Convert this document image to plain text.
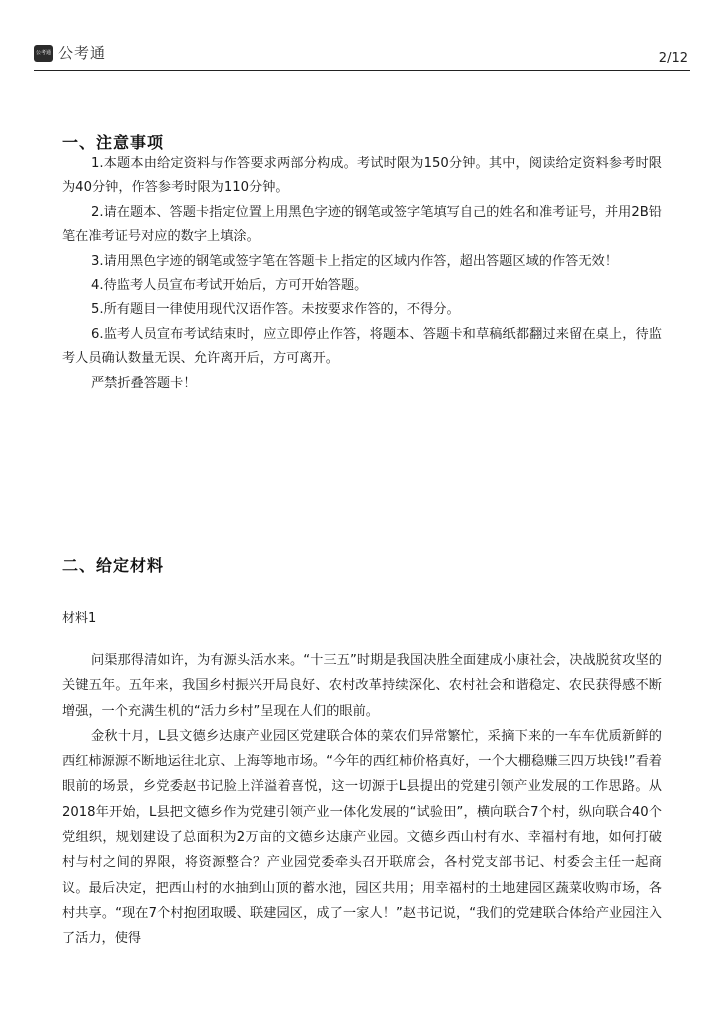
公考通 公考通	2/12
一、注意事项

1.本题本由给定资料与作答要求两部分构成。考试时限为150分钟。其中，阅读给定资料参考时限为40分钟，作答参考时限为110分钟。

2.请在题本、答题卡指定位置上用黑色字迹的钢笔或签字笔填写自己的姓名和准考证号，并用2B铅笔在准考证号对应的数字上填涂。

3.请用黑色字迹的钢笔或签字笔在答题卡上指定的区域内作答，超出答题区域的作答无效！

4.待监考人员宣布考试开始后，方可开始答题。

5.所有题目一律使用现代汉语作答。未按要求作答的，不得分。

6.监考人员宣布考试结束时，应立即停止作答，将题本、答题卡和草稿纸都翻过来留在桌上，待监考人员确认数量无误、允许离开后，方可离开。

严禁折叠答题卡！

二、给定材料
材料1

问渠那得清如许，为有源头活水来。“十三五”时期是我国决胜全面建成小康社会，决战脱贫攻坚的关键五年。五年来，我国乡村振兴开局良好、农村改革持续深化、农村社会和谐稳定、农民获得感不断增强，一个充满生机的“活力乡村”呈现在人们的眼前。

金秋十月，L县文德乡达康产业园区党建联合体的菜农们异常繁忙，采摘下来的一车车优质新鲜的西红柿源源不断地运往北京、上海等地市场。“今年的西红柿价格真好，一个大棚稳赚三四万块钱!”看着眼前的场景，乡党委赵书记脸上洋溢着喜悦，这一切源于L县提出的党建引领产业发展的工作思路。从2018年开始，L县把文德乡作为党建引领产业一体化发展的“试验田”，横向联合7个村，纵向联合40个党组织，规划建设了总面积为2万亩的文德乡达康产业园。文德乡西山村有水、幸福村有地，如何打破村与村之间的界限，将资源整合？产业园党委牵头召开联席会，各村党支部书记、村委会主任一起商议。最后决定，把西山村的水抽到山顶的蓄水池，园区共用；用幸福村的土地建园区蔬菜收购市场，各村共享。“现在7个村抱团取暖、联建园区，成了一家人！”赵书记说，“我们的党建联合体给产业园注入了活力，使得
